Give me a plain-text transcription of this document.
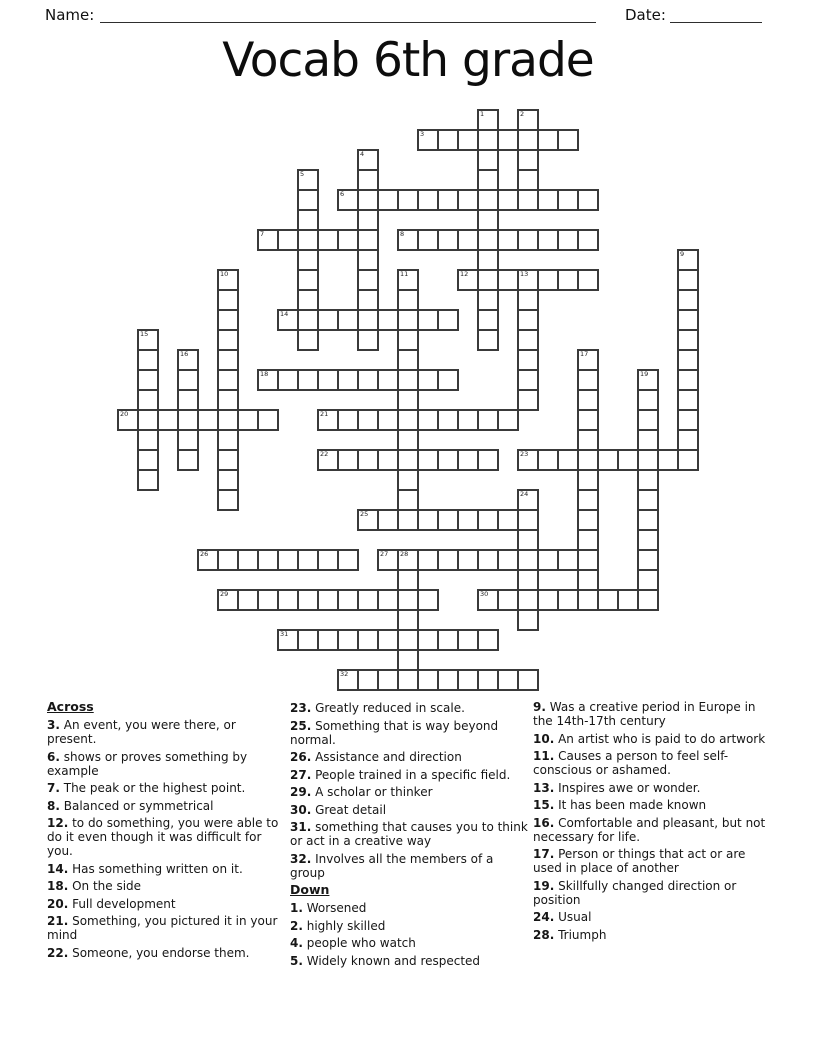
Name:	Date:
Vocab 6th grade
1	2
3
4
5
6
7	8
9
10	11	12	13
14
15
16	17
18	19
20	21
22	23
24
25
26	27 28
29	30
31
32
Across
3. An event, you were there, or present.
6. shows or proves something by example
7. The peak or the highest point.
8. Balanced or symmetrical
12. to do something, you were able to do it even though it was difficult for you.
14. Has something written on it.
18. On the side
20. Full development
21. Something, you pictured it in your mind
22. Someone, you endorse them.
23. Greatly reduced in scale.
25. Something that is way beyond normal.
26. Assistance and direction
27. People trained in a specific field.
29. A scholar or thinker
30. Great detail
31. something that causes you to think or act in a creative way
32. Involves all the members of a group
Down
1. Worsened
2. highly skilled
4. people who watch
5. Widely known and respected
9. Was a creative period in Europe in the 14th-17th century
10. An artist who is paid to do artwork
11. Causes a person to feel self-conscious or ashamed.
13. Inspires awe or wonder.
15. It has been made known
16. Comfortable and pleasant, but not necessary for life.
17. Person or things that act or are used in place of another
19. Skillfully changed direction or position
24. Usual
28. Triumph
